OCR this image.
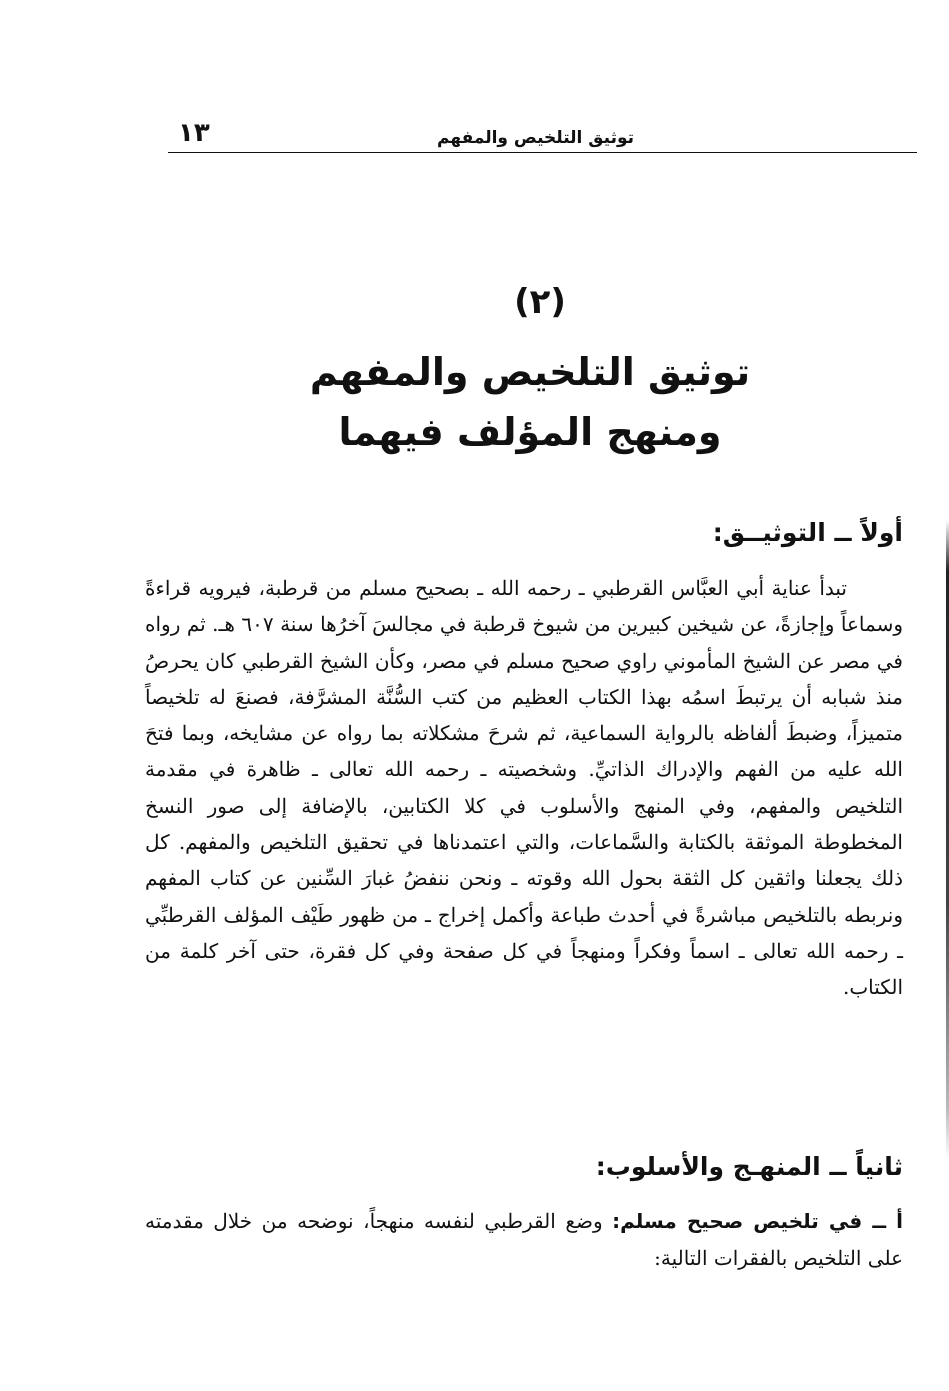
١٣	توثيق التلخيص والمفهم
(٢)
توثيق التلخيص والمفهم
ومنهج المؤلف فيهما
أولاً ــ التوثيــق:

تبدأ عناية أبي العبَّاس القرطبي ـ رحمه الله ـ بصحيح مسلم من قرطبة، فيرويه قراءةً وسماعاً وإجازةً، عن شيخين كبيرين من شيوخ قرطبة في مجالسَ آخرُها سنة ٦٠٧ هـ. ثم رواه في مصر عن الشيخ المأموني راوي صحيح مسلم في مصر، وكأن الشيخ القرطبي كان يحرصُ منذ شبابه أن يرتبطَ اسمُه بهذا الكتاب العظيم من كتب السُّنَّة المشرَّفة، فصنعَ له تلخيصاً متميزاً، وضبطَ ألفاظه بالرواية السماعية، ثم شرحَ مشكلاته بما رواه عن مشايخه، وبما فتحَ الله عليه من الفهم والإدراك الذاتيِّ. وشخصيته ـ رحمه الله تعالى ـ ظاهرة في مقدمة التلخيص والمفهم، وفي المنهج والأسلوب في كلا الكتابين، بالإضافة إلى صور النسخ المخطوطة الموثقة بالكتابة والسَّماعات، والتي اعتمدناها في تحقيق التلخيص والمفهم. كل ذلك يجعلنا واثقين كل الثقة بحول الله وقوته ـ ونحن ننفضُ غبارَ السِّنين عن كتاب المفهم ونربطه بالتلخيص مباشرةً في أحدث طباعة وأكمل إخراج ـ من ظهور طَيْف المؤلف القرطبِّي ـ رحمه الله تعالى ـ اسماً وفكراً ومنهجاً في كل صفحة وفي كل فقرة، حتى آخر كلمة من الكتاب.

ثانياً ــ المنهـج والأسلوب:

أ ــ في تلخيص صحيح مسلم: وضع القرطبي لنفسه منهجاً، نوضحه من خلال مقدمته على التلخيص بالفقرات التالية:
